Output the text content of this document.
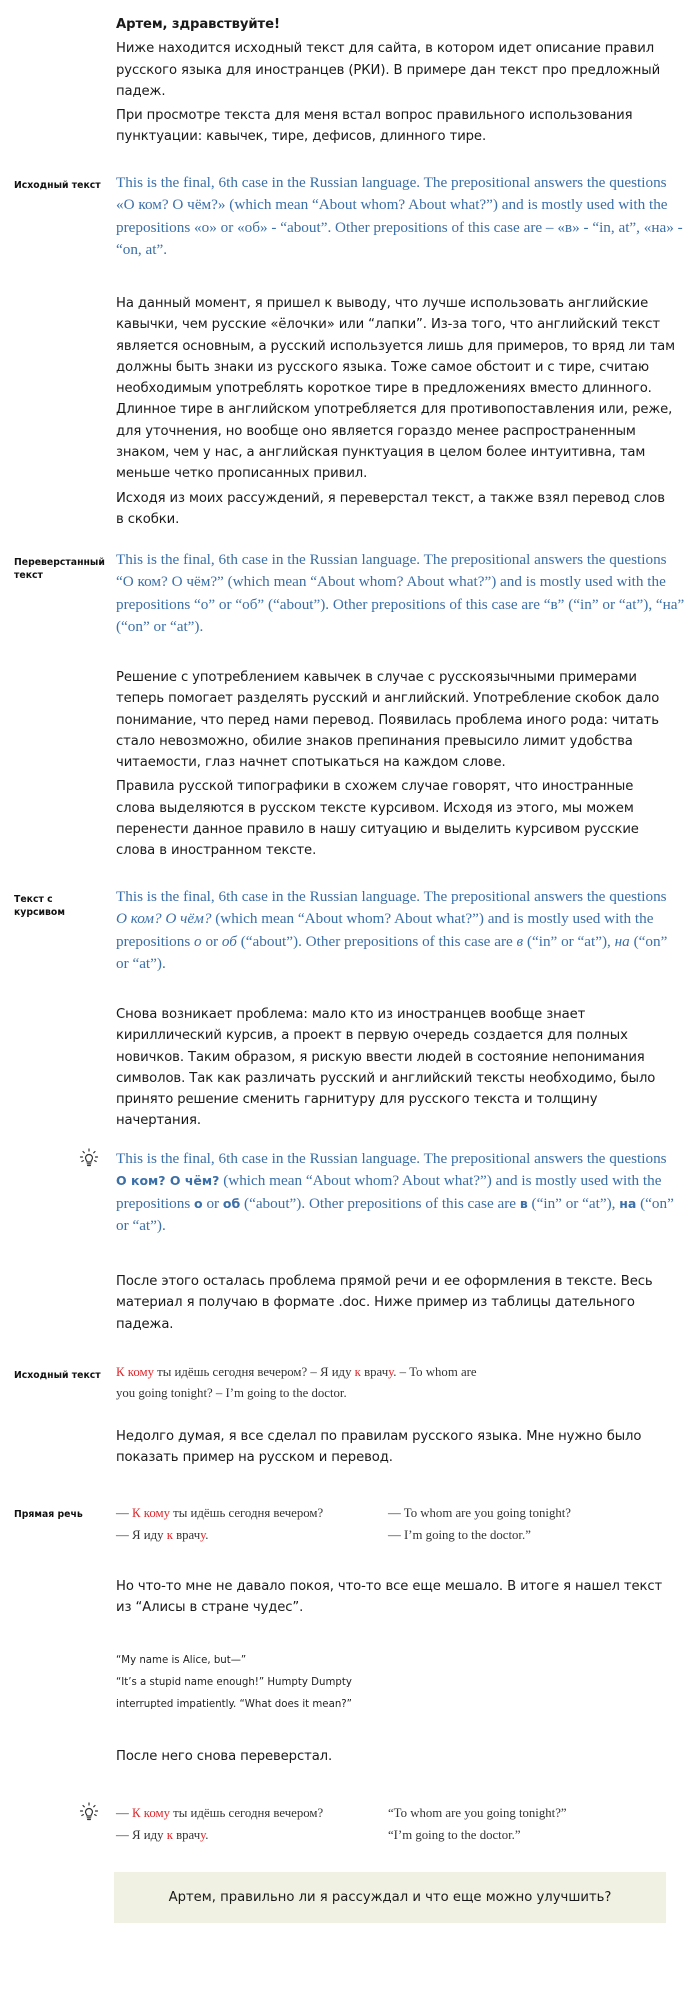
Артем, здравствуйте!

Ниже находится исходный текст для сайта, в котором идет описание правил русского языка для иностранцев (РКИ). В примере дан текст про предложный падеж.

При просмотре текста для меня встал вопрос правильного использования пунктуации: кавычек, тире, дефисов, длинного тире.

Исходный текст	This is the final, 6th case in the Russian language. The prepositional answers the questions «О ком? О чём?» (which mean “About whom? About what?”) and is mostly used with the prepositions «о» or «об» - “about”. Other prepositions of this case are – «в» - “in, at”, «на» - “on, at”.

На данный момент, я пришел к выводу, что лучше использовать английские кавычки, чем русские «ёлочки» или “лапки”. Из-за того, что английский текст является основным, а русский используется лишь для примеров, то вряд ли там должны быть знаки из русского языка. Тоже самое обстоит и с тире, считаю необходимым употреблять короткое тире в предложениях вместо длинного. Длинное тире в английском употребляется для противопоставления или, реже, для уточнения, но вообще оно является гораздо менее распространенным знаком, чем у нас, а английская пунктуация в целом более интуитивна, там меньше четко прописанных привил.

Исходя из моих рассуждений, я переверстал текст, а также взял перевод слов в скобки.

Переверстанный текст
This is the final, 6th case in the Russian language. The prepositional answers the questions “О ком? О чём?” (which mean “About whom? About what?”) and is mostly used with the prepositions “о” or “об” (“about”). Other prepositions of this case are “в” (“in” or “at”), “на” (“on” or “at”).

Решение с употреблением кавычек в случае с русскоязычными примерами теперь помогает разделять русский и английский. Употребление скобок дало понимание, что перед нами перевод. Появилась проблема иного рода: читать стало невозможно, обилие знаков препинания превысило лимит удобства читаемости, глаз начнет спотыкаться на каждом слове.

Правила русской типографики в схожем случае говорят, что иностранные слова выделяются в русском тексте курсивом. Исходя из этого, мы можем перенести данное правило в нашу ситуацию и выделить курсивом русские слова в иностранном тексте.

Текст с курсивом
This is the final, 6th case in the Russian language. The prepositional answers the questions О ком? О чём? (which mean “About whom? About what?”) and is mostly used with the prepositions о or об (“about”). Other prepositions of this case are в (“in” or “at”), на (“on” or “at”).

Снова возникает проблема: мало кто из иностранцев вообще знает кириллический курсив, а проект в первую очередь создается для полных новичков. Таким образом, я рискую ввести людей в состояние непонимания символов. Так как различать русский и английский тексты необходимо, было принято решение сменить гарнитуру для русского текста и толщину начертания.

This is the final, 6th case in the Russian language. The prepositional answers the questions О ком? О чём? (which mean “About whom? About what?”) and is mostly used with the prepositions о or об (“about”). Other prepositions of this case are в (“in” or “at”), на (“on” or “at”).

После этого осталась проблема прямой речи и ее оформления в тексте. Весь материал я получаю в формате .doc. Ниже пример из таблицы дательного падежа.

Исходный текст	К кому ты идёшь сегодня вечером? – Я иду к врачу. – To whom are you going tonight? – I’m going to the doctor.

Недолго думая, я все сделал по правилам русского языка. Мне нужно было показать пример на русском и перевод.

Прямая речь	— К кому ты идёшь сегодня вечером?	— To whom are you going tonight?
— Я иду к врачу.	— I’m going to the doctor.”

Но что-то мне не давало покоя, что-то все еще мешало. В итоге я нашел текст из “Алисы в стране чудес”.

“My name is Alice, but—”
“It’s a stupid name enough!” Humpty Dumpty
interrupted impatiently. “What does it mean?”

После него снова переверстал.

— К кому ты идёшь сегодня вечером?	“To whom are you going tonight?”
— Я иду к врачу.	“I’m going to the doctor.”
Артем, правильно ли я рассуждал и что еще можно улучшить?
